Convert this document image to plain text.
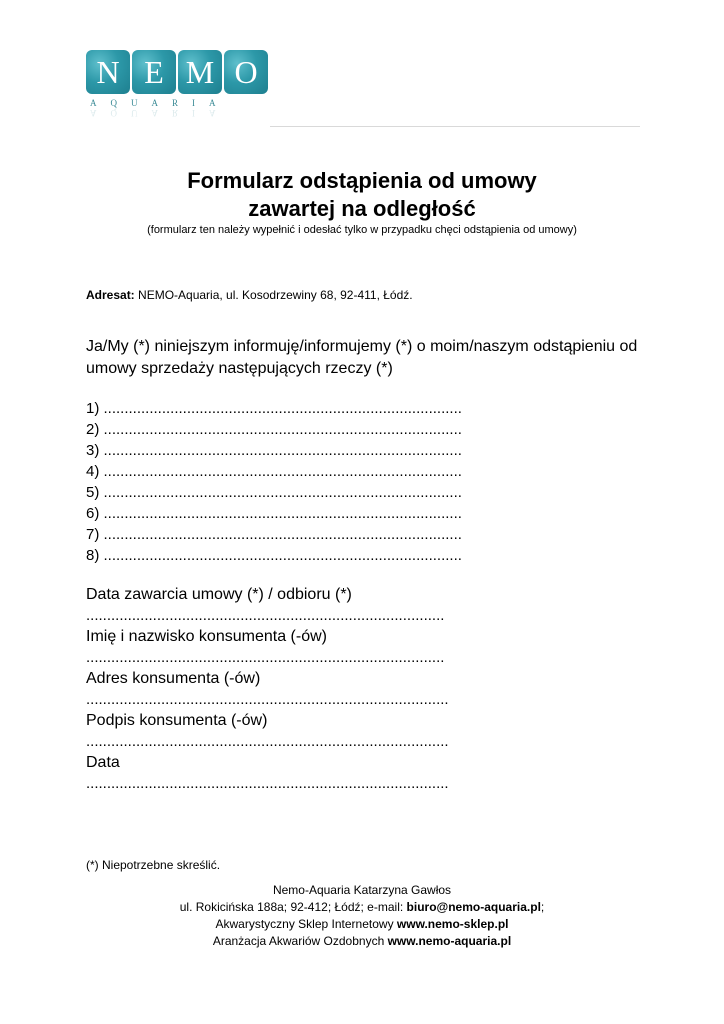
N E M O
AQUARIA
AQUARIA
Formularz odstąpienia od umowy
zawartej na odległość
(formularz ten należy wypełnić i odesłać tylko w przypadku chęci odstąpienia od umowy)
Adresat: NEMO-Aquaria, ul. Kosodrzewiny 68, 92-411, Łódź.
Ja/My (*) niniejszym informuję/informujemy (*) o moim/naszym odstąpieniu od umowy sprzedaży następujących rzeczy (*)
1) ......................................................................................
2) ......................................................................................
3) ......................................................................................
4) ......................................................................................
5) ......................................................................................
6) ......................................................................................
7) ......................................................................................
8) ......................................................................................
Data zawarcia umowy (*) / odbioru (*)
......................................................................................
Imię i nazwisko konsumenta (-ów)
......................................................................................
Adres konsumenta (-ów)
.......................................................................................
Podpis konsumenta (-ów)
.......................................................................................
Data
.......................................................................................
(*) Niepotrzebne skreślić.
Nemo-Aquaria Katarzyna Gawłos
ul. Rokicińska 188a; 92-412; Łódź; e-mail: biuro@nemo-aquaria.pl;
Akwarystyczny Sklep Internetowy www.nemo-sklep.pl
Aranżacja Akwariów Ozdobnych www.nemo-aquaria.pl
